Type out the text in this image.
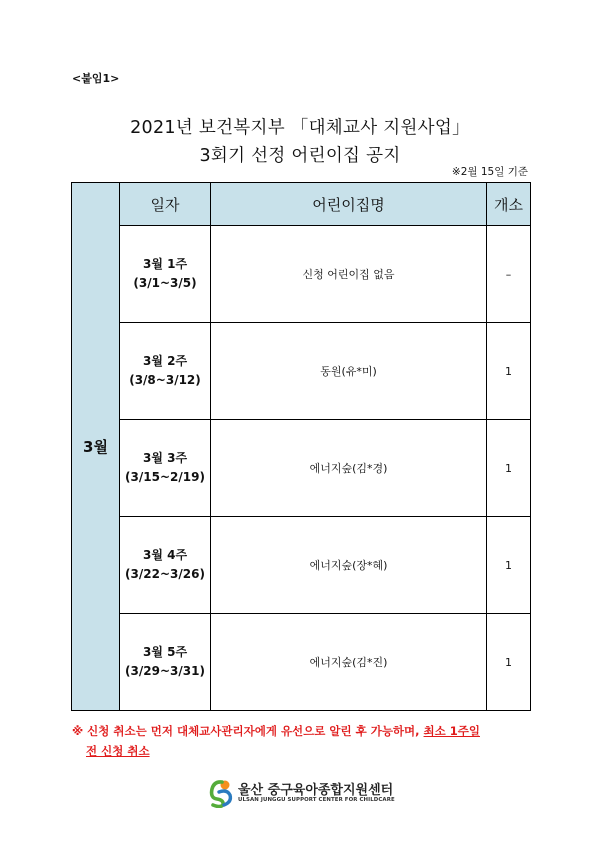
<붙임1>
2021년 보건복지부 「대체교사 지원사업」
3회기 선정 어린이집 공지
※2월 15일 기준
3월	일자	어린이집명	개소

	3월 1주
(3/1~3/5)	신청 어린이집 없음	–

	3월 2주
(3/8~3/12)	동원(유*미)	1

	3월 3주
(3/15~2/19)	에너지숲(김*경)	1

	3월 4주
(3/22~3/26)	에너지숲(장*혜)	1

	3월 5주
(3/29~3/31)	에너지숲(김*진)	1
※ 신청 취소는 먼저 대체교사관리자에게 유선으로 알린 후 가능하며, 최소 1주일
전 신청 취소
울산 중구육아종합지원센터
ULSAN JUNGGU SUPPORT CENTER FOR CHILDCARE
